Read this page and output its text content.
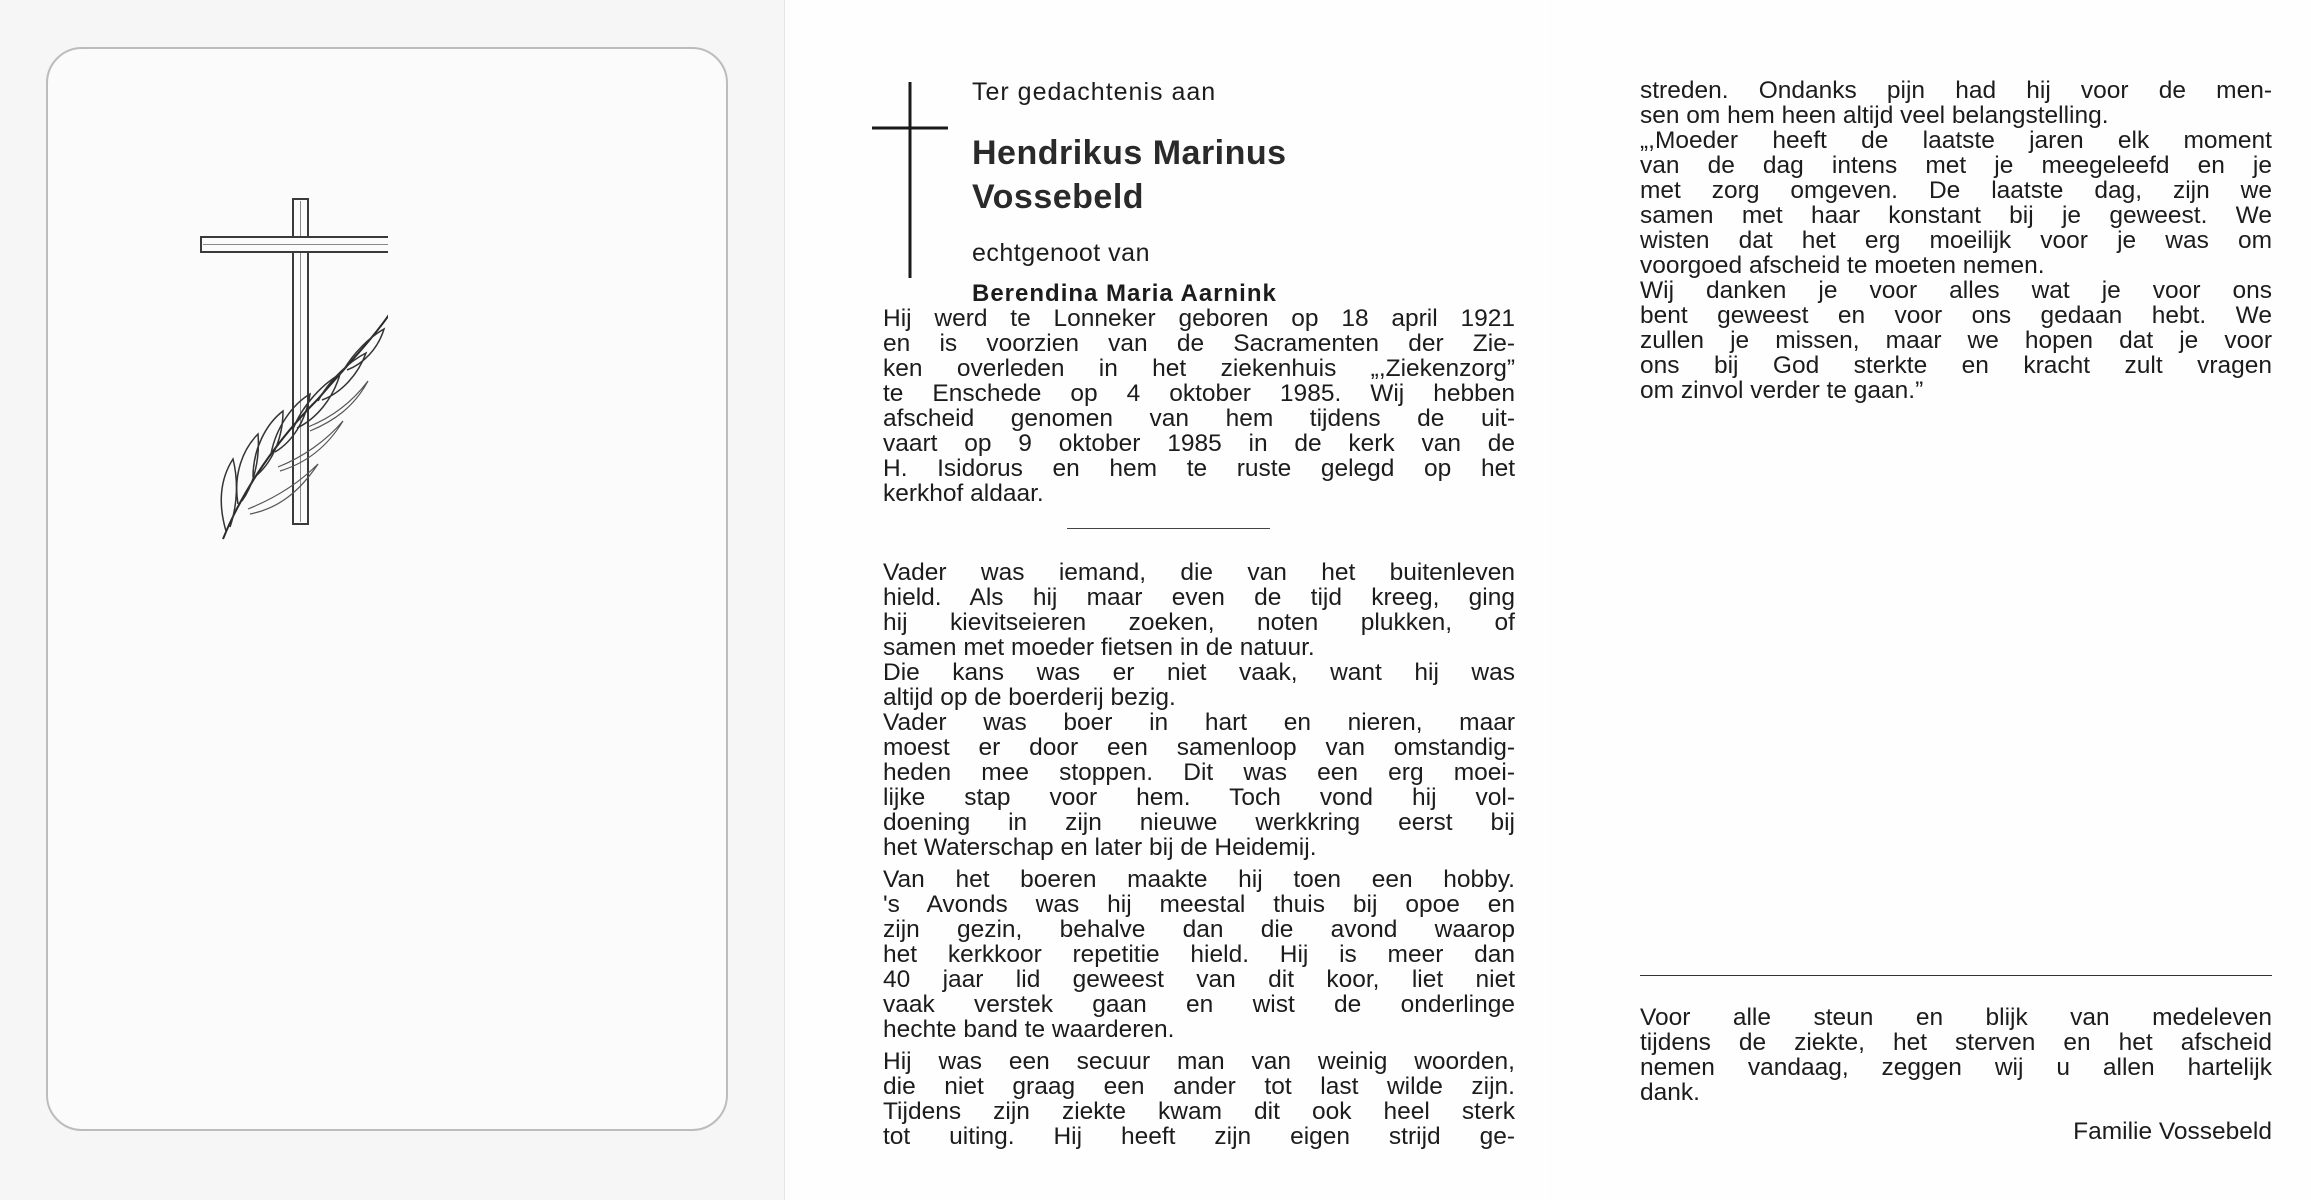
Ter gedachtenis aan
Hendrikus Marinus
Vossebeld
echtgenoot van
Berendina Maria Aarnink

Hij werd te Lonneker geboren op 18 april 1921

en is voorzien van de Sacramenten der Zie-

ken overleden in het ziekenhuis „,Ziekenzorg”

te Enschede op 4 oktober 1985. Wij hebben

afscheid genomen van hem tijdens de uit-

vaart op 9 oktober 1985 in de kerk van de

H. Isidorus en hem te ruste gelegd op het

kerkhof aldaar.

Vader was iemand, die van het buitenleven

hield. Als hij maar even de tijd kreeg, ging

hij kievitseieren zoeken, noten plukken, of

samen met moeder fietsen in de natuur.

Die kans was er niet vaak, want hij was

altijd op de boerderij bezig.

Vader was boer in hart en nieren, maar

moest er door een samenloop van omstandig-

heden mee stoppen. Dit was een erg moei-

lijke stap voor hem. Toch vond hij vol-

doening in zijn nieuwe werkkring eerst bij

het Waterschap en later bij de Heidemij.

Van het boeren maakte hij toen een hobby.

's Avonds was hij meestal thuis bij opoe en

zijn gezin, behalve dan die avond waarop

het kerkkoor repetitie hield. Hij is meer dan

40 jaar lid geweest van dit koor, liet niet

vaak verstek gaan en wist de onderlinge

hechte band te waarderen.

Hij was een secuur man van weinig woorden,

die niet graag een ander tot last wilde zijn.

Tijdens zijn ziekte kwam dit ook heel sterk

tot uiting. Hij heeft zijn eigen strijd ge-

streden. Ondanks pijn had hij voor de men-

sen om hem heen altijd veel belangstelling.

„,Moeder heeft de laatste jaren elk moment

van de dag intens met je meegeleefd en je

met zorg omgeven. De laatste dag, zijn we

samen met haar konstant bij je geweest. We

wisten dat het erg moeilijk voor je was om

voorgoed afscheid te moeten nemen.

Wij danken je voor alles wat je voor ons

bent geweest en voor ons gedaan hebt. We

zullen je missen, maar we hopen dat je voor

ons bij God sterkte en kracht zult vragen

om zinvol verder te gaan.”

Voor alle steun en blijk van medeleven

tijdens de ziekte, het sterven en het afscheid

nemen vandaag, zeggen wij u allen hartelijk

dank.

Familie Vossebeld
